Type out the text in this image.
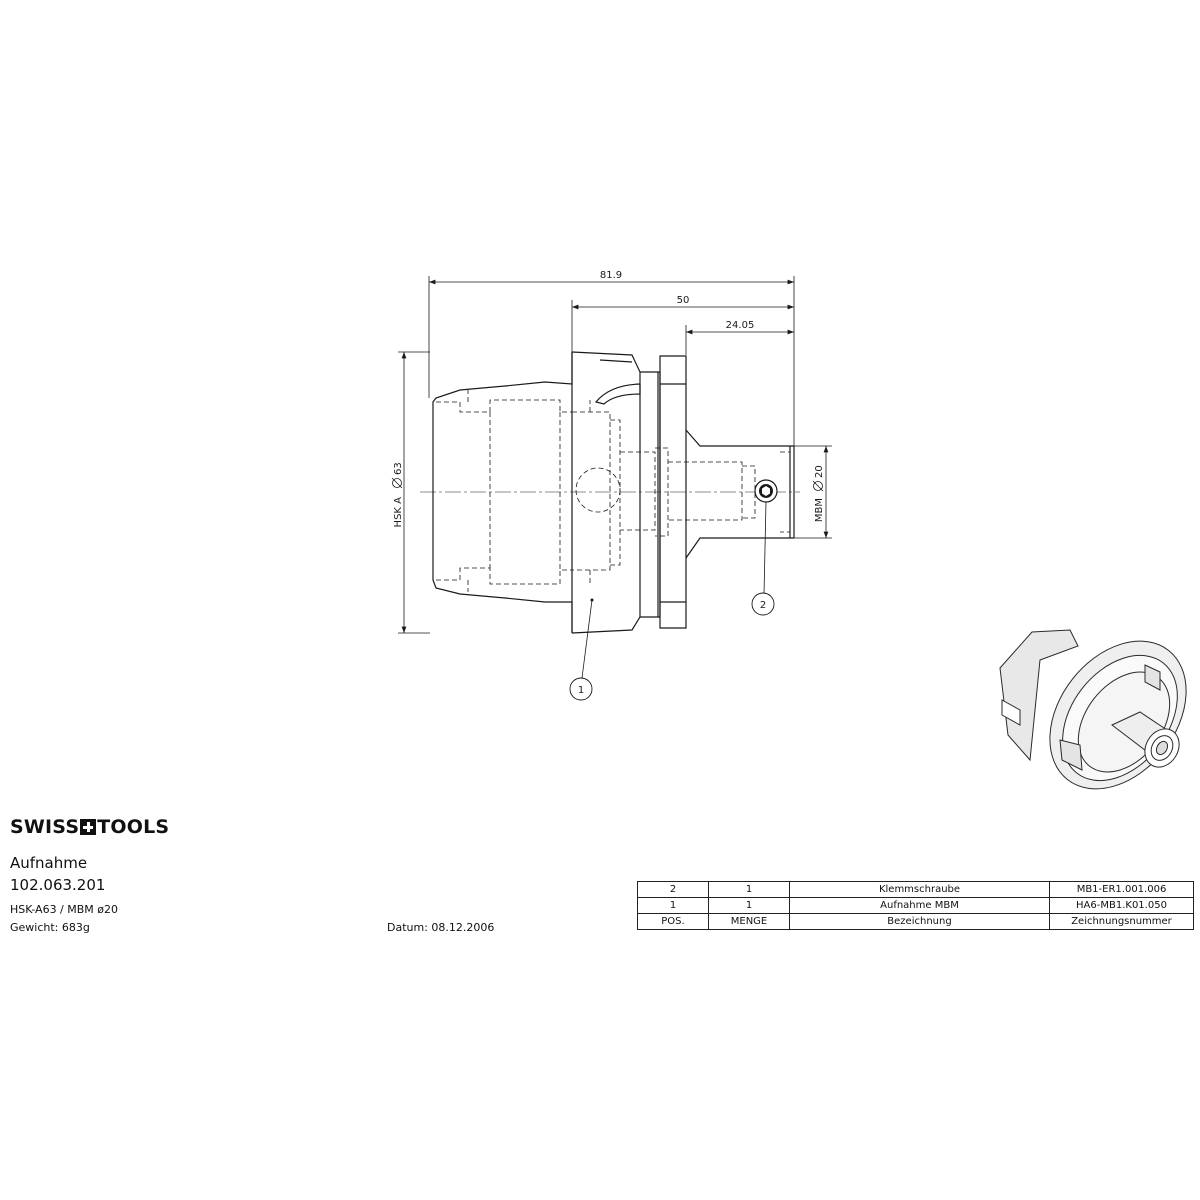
81.9
50
24.05
HSK A
63
MBM
20
1
2
SWISS TOOLS
Aufnahme
102.063.201
HSK-A63 / MBM ø20
Gewicht: 683g	Datum: 08.12.2006
2	1	Klemmschraube	MB1-ER1.001.006
1	1	Aufnahme MBM	HA6-MB1.K01.050
POS.	MENGE	Bezeichnung	Zeichnungsnummer
